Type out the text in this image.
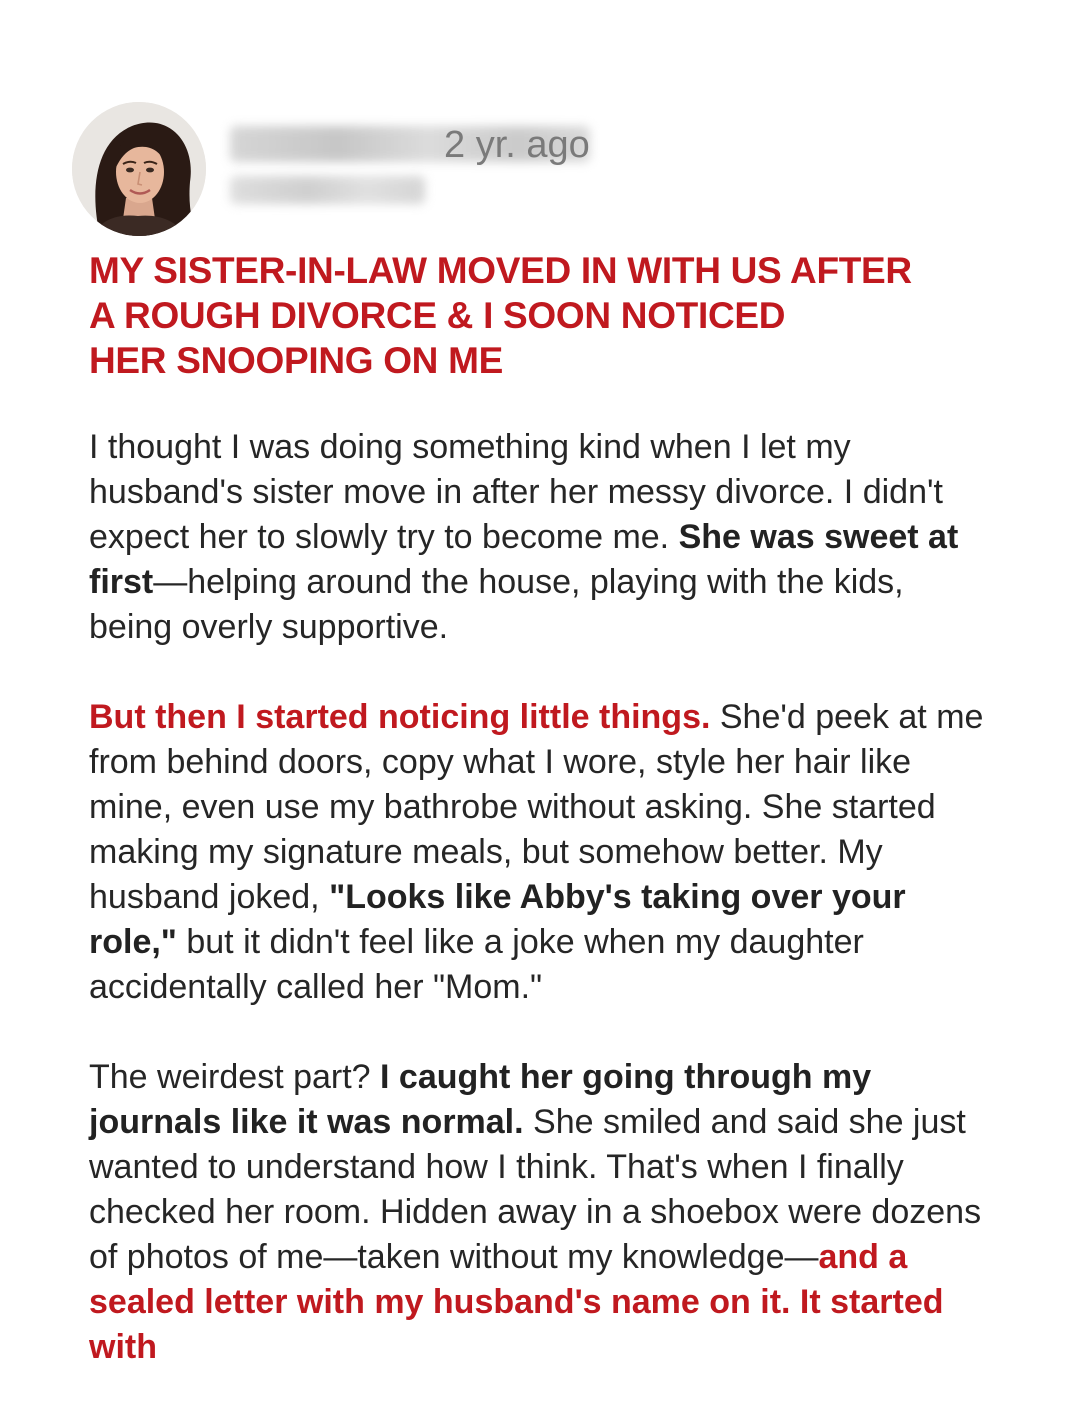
2 yr. ago
MY SISTER-IN-LAW MOVED IN WITH US AFTER
A ROUGH DIVORCE & I SOON NOTICED
HER SNOOPING ON ME

I thought I was doing something kind when I let my husband's sister move in after her messy divorce. I didn't expect her to slowly try to become me. She was sweet at first—helping around the house, playing with the kids, being overly supportive.

But then I started noticing little things. She'd peek at me from behind doors, copy what I wore, style her hair like mine, even use my bathrobe without asking. She started making my signature meals, but somehow better. My husband joked, "Looks like Abby's taking over your role," but it didn't feel like a joke when my daughter accidentally called her "Mom."

The weirdest part? I caught her going through my journals like it was normal. She smiled and said she just wanted to understand how I think. That's when I finally checked her room. Hidden away in a shoebox were dozens of photos of me—taken without my knowledge—and a sealed letter with my husband's name on it. It started with
